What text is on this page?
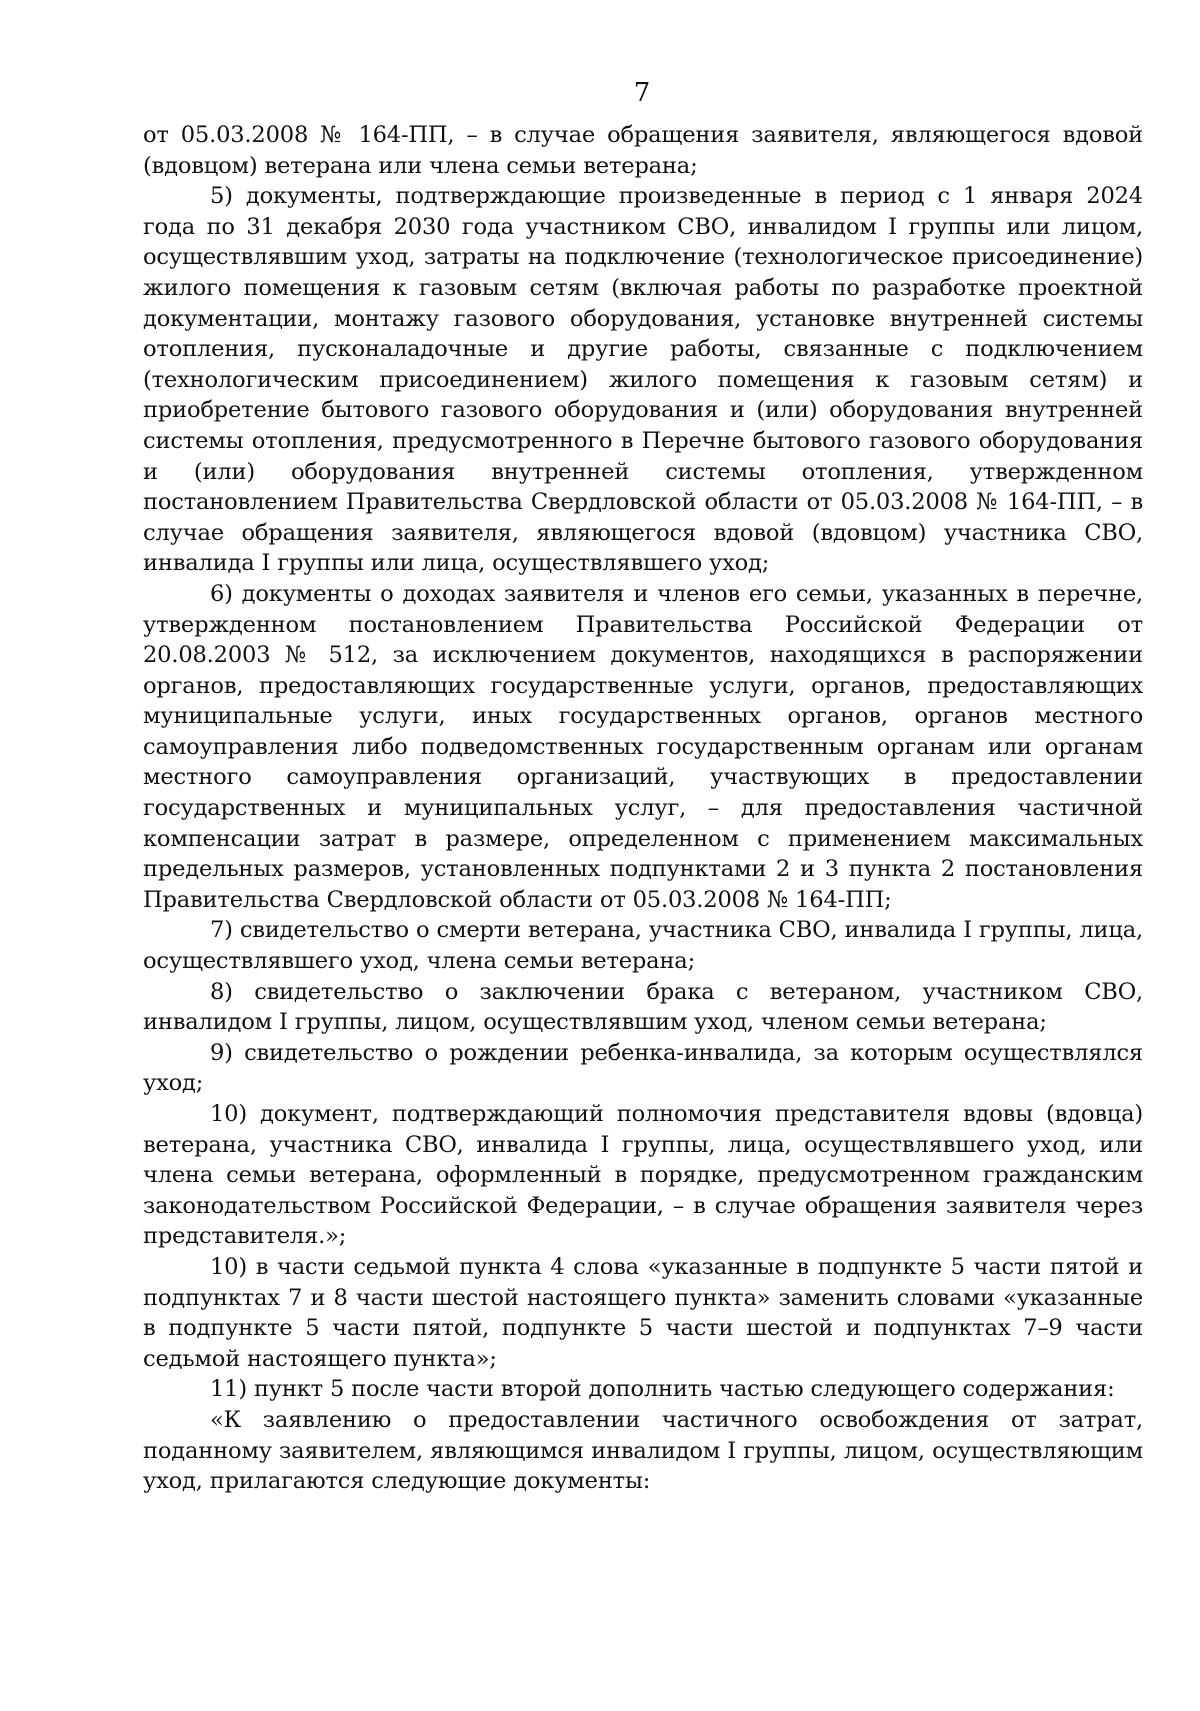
7

от 05.03.2008 № 164-ПП, – в случае обращения заявителя, являющегося вдовой (вдовцом) ветерана или члена семьи ветерана;

5) документы, подтверждающие произведенные в период с 1 января 2024 года по 31 декабря 2030 года участником СВО, инвалидом I группы или лицом, осуществлявшим уход, затраты на подключение (технологическое присоединение) жилого помещения к газовым сетям (включая работы по разработке проектной документации, монтажу газового оборудования, установке внутренней системы отопления, пусконаладочные и другие работы, связанные с подключением (технологическим присоединением) жилого помещения к газовым сетям) и приобретение бытового газового оборудования и (или) оборудования внутренней системы отопления, предусмотренного в Перечне бытового газового оборудования и (или) оборудования внутренней системы отопления, утвержденном постановлением Правительства Свердловской области от 05.03.2008 № 164-ПП, – в случае обращения заявителя, являющегося вдовой (вдовцом) участника СВО, инвалида I группы или лица, осуществлявшего уход;

6) документы о доходах заявителя и членов его семьи, указанных в перечне, утвержденном постановлением Правительства Российской Федерации от 20.08.2003 № 512, за исключением документов, находящихся в распоряжении органов, предоставляющих государственные услуги, органов, предоставляющих муниципальные услуги, иных государственных органов, органов местного самоуправления либо подведомственных государственным органам или органам местного самоуправления организаций, участвующих в предоставлении государственных и муниципальных услуг, – для предоставления частичной компенсации затрат в размере, определенном с применением максимальных предельных размеров, установленных подпунктами 2 и 3 пункта 2 постановления Правительства Свердловской области от 05.03.2008 № 164-ПП;

7) свидетельство о смерти ветерана, участника СВО, инвалида I группы, лица, осуществлявшего уход, члена семьи ветерана;

8) свидетельство о заключении брака с ветераном, участником СВО, инвалидом I группы, лицом, осуществлявшим уход, членом семьи ветерана;

9) свидетельство о рождении ребенка-инвалида, за которым осуществлялся уход;

10) документ, подтверждающий полномочия представителя вдовы (вдовца) ветерана, участника СВО, инвалида I группы, лица, осуществлявшего уход, или члена семьи ветерана, оформленный в порядке, предусмотренном гражданским законодательством Российской Федерации, – в случае обращения заявителя через представителя.»;

10) в части седьмой пункта 4 слова «указанные в подпункте 5 части пятой и подпунктах 7 и 8 части шестой настоящего пункта» заменить словами «указанные в подпункте 5 части пятой, подпункте 5 части шестой и подпунктах 7–9 части седьмой настоящего пункта»;

11) пункт 5 после части второй дополнить частью следующего содержания:

«К заявлению о предоставлении частичного освобождения от затрат, поданному заявителем, являющимся инвалидом I группы, лицом, осуществляющим уход, прилагаются следующие документы:
